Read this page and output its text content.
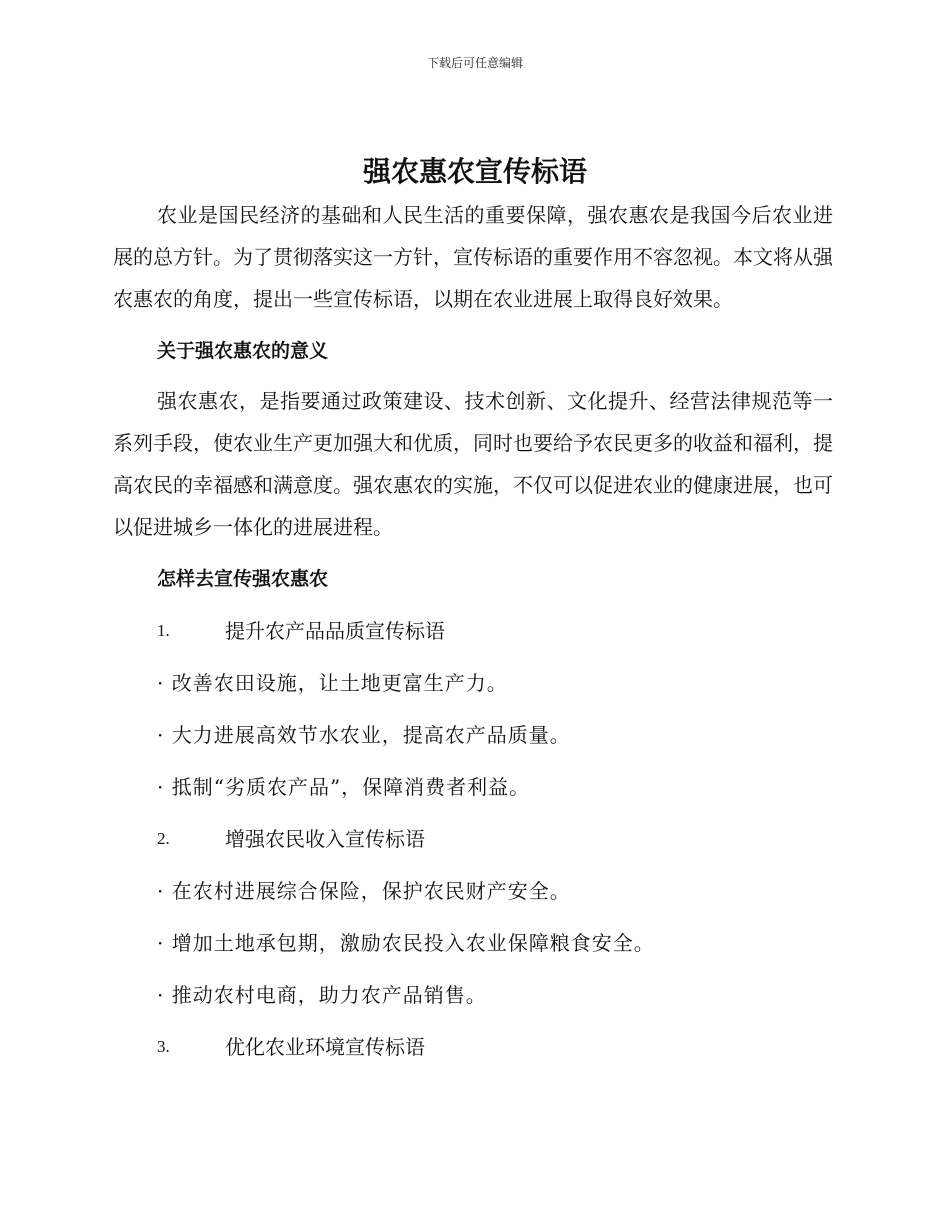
下载后可任意编辑
强农惠农宣传标语

农业是国民经济的基础和人民生活的重要保障，强农惠农是我国今后农业进展的总方针。为了贯彻落实这一方针，宣传标语的重要作用不容忽视。本文将从强农惠农的角度，提出一些宣传标语，以期在农业进展上取得良好效果。

关于强农惠农的意义

强农惠农，是指要通过政策建设、技术创新、文化提升、经营法律规范等一系列手段，使农业生产更加强大和优质，同时也要给予农民更多的收益和福利，提高农民的幸福感和满意度。强农惠农的实施，不仅可以促进农业的健康进展，也可以促进城乡一体化的进展进程。

怎样去宣传强农惠农
1.	提升农产品品质宣传标语
· 改善农田设施，让土地更富生产力。
· 大力进展高效节水农业，提高农产品质量。
· 抵制“劣质农产品”，保障消费者利益。
2.	增强农民收入宣传标语
· 在农村进展综合保险，保护农民财产安全。
· 增加土地承包期，激励农民投入农业保障粮食安全。
· 推动农村电商，助力农产品销售。
3.	优化农业环境宣传标语
